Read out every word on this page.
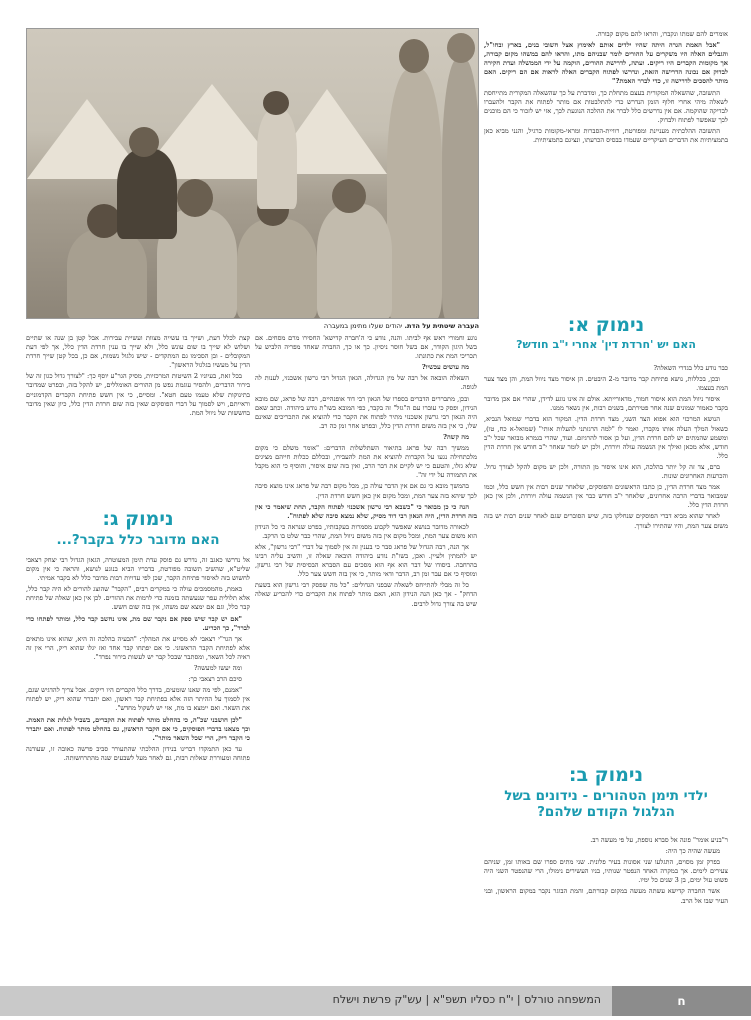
העברה שיטתית על הדת. יהודים שעלו מתימן במעברה

אומרים להם שמתו ונקברו, והראו להם מקום קבורה.

"אבל האמת הגרה היתה שהיו ילדים אותם לאימוץ אצל חשובי בנים, בארץ ובחו"ל, והגבלים האלה היו משקרים על ההורים לומר שבניהם מתו, והראו להם במשהו מקום קבורה, אך מקומות הקברים היו ריקים. ועתה, לדרישת ההורים, הוקמה על ידי הממשלה ועדת חקירה לבדוק אם נכונה הדרישה הזאת, ונדרשו לפתוח הקברים האלה לראות אם הם ריקים. האם מותר להסכים לדרישה זו, כדי לברר האמת?"

התשובה, שהשאלה המקורית בעצם מתחלת כך, ומדברת על כך שהשאלה המקורית מתייחסת לשאלה מיהי אחרי חלוף הזמן הנדרש כדי להתלבטות אם מותר לפתוח את הקבר ולהעברו לבדיקה שהוקמה. אם אין נדרשים כלל לברר את ההלכה הנוגעת לכך, אזי יש לזכור כי הם מוכנים לכך שאפשר לפתוח ולבדוק.

התשובה ההלכתית מעניינת ומפורטת, רוויית-הסברות ומראי-מקומות כרגיל, והנני מביא כאן בתמציתיות את הדברים העיקריים שעמדו בבסיס הכרעתו, ונציגם בתמציתיות.

נימוק א:
האם יש 'חרדת דין' אחרי י"ב חודש?

כבר נודע כלל בגדרי השאלה?

ובכן, בכללות, נושא פתיחת קבר מדובר מ-2 היבטים. הן איסור מצד ניוול המת, והן מצד צער המת בעצמו.

איסור ניוול המת הוא איסור חמור, מדאורייתא. אולם זה אינו נוגע לדידן, שהרי אם אכן מדובר בקבר כאמור שמונים שנה אחר פטירתם, בשנים רבות, אין נשאר ממנו.

הנושא המרכזי הוא אפוא הצד השני, מצד חרדת הדין. המקור הוא בדברי שמואל הנביא, כשאול המלך העלה אותו מקברו, ואמר לו "למה הרגזתני להעלות אותי" (שמואל-א כח, טו), ומשמע שהמתים יש להם חרדת הדין, ועל כן אסור להרגיזם. ועוד, שהרי בגמרא מבואר שכל י"ב חודש, אלא מכאן ואילך אין הנשמה עולה ויורדת, ולכן יש לומר שאחר י"ב חודש אין חרדת הדין כלל.

ברם, צד זה קל יותר בהלכה, הוא אינו איסור מן התורה, ולכן יש מקום להקל לצורך גדול. והכרעות האחרונים שונות.

אמר מצד חרדת הדין, כן כתבו הראשונים והפוסקים, שלאחר שנים רבות אין חשש כלל, וכמו שמבואר בדברי הרבה אחרונים, שלאחר י"ב חודש כבר אין הנשמה עולה ויורדת, ולכן אין כאן חרדת הדין כלל.

לאחר שהוא מביא דברי הפוסקים שנחלקו בזה, שיש הסוברים שגם לאחר שנים רבות יש בזה משום צער המת, והיו שהתירו לצורך.

נימוק ב:
ילדי תימן הטהורים - נידונים בשל הגלגול הקודם שלהם?

ר"בניע אומר" פונה אל סברא נוספת, על פי מעשה רב.

מעשה שהיה כך היה:

בפרק זמן מסוים, התגלעו שני אסונות בעיר פלונית. שני מתים ספרו שם באותו זמן, שניהם צעירים לימים. אך במקרה האחד הנפטר שנותיו, בניו העשירים נימולו, הרי שהנפטר השני היה פשוט עול ימים, בן 3 שנים כל ימיו.

אשר החברה קדישא עשתה מעשה במקום קבורתם, והמת הבוגר נקבר במקום הראשון, ובני העיר שבו אל הרב.

נוגע וחמורי ראש אף לביתו. והנה, נודע כי ה'חברה קדישא' החסירו מרם מסחים. אם בשל היגון הקודר, אם בשל חוסר ניסיון. כך או כך, החברה שאחד מפריה הלביש על תכריכי המת את כתונתו.

מה עושים עכשיו?

השאלה הובאה אל רבה של מין הגדולה, הגאון הגדול רבי גרשון אשכנזי, לענות לה לגופה.

ובכן, מתבררים הדברים בספרו של הגאון רבי דוד אופנהיים, רבה של פראג, שם מובא הנידון, ופסק כי עוברו עם ה"גזל" זה בקבר, כפי המובא בשו"ת נודע ביהודה. וכתב שאם היה הגאון רבי גרשון אשכנזי מתיר לפתוח את הקבר כדי להוציא את התכריכים שאינם שלו, כי אין בזה משום חרדת הדין כלל, ובפרט אחר זמן כה רב.

מה קשה?

ממשיך רבה של פראג בתיאור השתלשלות הדברים: "אומר משלם כי מקום מלכתחילה נגעו על הקברות להוציא את המת להעבירו, ובכללם ככלות חייהם מציגים שלא גזלו, והטעם כי יש לקיים את דבר הרב, ואין בזה שום איסור, והוסיף כי הוא מקבל את התמורה על ידי זה".

בהמשך מובא כי גם אם אין הדבר עולה כן, מכל מקום רבה של פראג אינו מוצא סיבה לכך שיהא בזה צער המת, ומכל מקום אין כאן חשש חרדת הדין.

הנה כי כן מבואר כי "כשבא רבי גרשון אשכנזי לפתוח הקבר, תחת שיאמר כי אין בזה חרדת הדין, היה הגאון רבי דוד מסיק, שלא נמצא סיבה שלא לפתוח".

לכאורה מדובר בנושא שאפשר לקבוע מסמרות בעקבותיו, בפרט שנראה כי כל הנידון הוא משום צער המת, ומכל מקום אין בזה משום ניוול המת, שהרי כבר שלט בו הרקב.

אך הנה, רבה הגדול של פראג סבר כי בענין זה אין לסמוך על דברי "רבי גרשון", אלא יש להמתין ולעיין. ואכן, בשו"ת נודע ביהודה הובאה שאלה זו, והשיב עליה רבינו בהרחבה. ביסודו של דבר הוא אף הוא מסכים עם הסברא הבסיסית של רבי גרשון, ומוסיף כי אם עבר זמן רב, הדבר ודאי מותר, כי אין בזה חשש צער כלל.

כל זה מבלי להתייחס לשאלה שבפני הגדולים: "כל מה שפסק רבי גרשון הוא בשעת הדחק" - אך כאן הנה הנידון הוא, האם מותר לפתוח את הקברים כדי להכריע שאלה שיש בה צורך גדול לרבים.

קצת לכלל דעת, ושייך בו עשייה מצוות ועשיית עבירות. אבל קטן בן שנה או שתיים ושלוש לא שייך בו שום עונש כלל, ולא שייך בו ענין חרדת הדין כלל, אך לפי דעת המקובלים - ובן הסכימו גם המתקדים - שיש גלגול נשמות, אם כן, בכל קטן שייך חרדת הדין על מעשיו בגלגול הראשון".

בכל זאת, בעיוניו 2 השיטות המרכזיות, מסיק הגר"ע יוסף כך: "לצורך גדול כגון זה של בירור הדברים, ולהסיר עוגמת נפש מן ההורים האומללים, יש להקל בזה, ובפרט שמדובר בתינוקות שלא טעמו טעם חטא". ומסיים, כי אין חשש פתיחת הקברים הקדמוניים וראייתם, ויש לסמוך על דברי הפוסקים שאין בזה שום חרדת הדין כלל, כיון שאין מדובר בחששות של ניוול המת.

נימוק ג:
האם מדובר כלל בקבר?...

אל נדרשו כאגב זה, נדרש גם פוסק עדת תימן המעוטרה, הגאון הגדול רבי יצחק רצאבי שליט"א, שהשיב תשובה מפורטת, בדבריו הביא בנוגע לנושא, והראה כי אין מקום לחשוש בזה לאיסור פתיחת הקבר, שכן לפי עדויות רבות מדובר כלל לא בקבר אמיתי.

באמת, מהמסמכים עולה כי במקרים רבים, "הקבר" שהוצג להורים לא היה קבר כלל, אלא תלולית עפר שנעשתה בזמנה כדי לרמות את ההורים. לכן אין כאן שאלה של פתיחת קבר כלל, וגם אם ימצא שם משהו, אין בזה שום חשש.

"אם יש קבר שיש ספק אם נקבר שם מת, אינו נחשב קבר כלל, ומותר לפתחו כדי לברר", כך הכריע.

אך הגר"י רצאבי לא מסייע את המהלך: "הבעיה בהלכה זה היא, שהוא אינו מתאים אלא לפתיחת הקבר הראשוני. כי אם יפתחו קבר אחד ואז יגלו שהוא ריק, הרי אין זה ראיה לכל השאר, ומסתבר שבכל קבר יש לעשות בירור נפרד".

ומה יעשו למעשה?

סיכם הרב רצאבי כך:

"אמנם, לפי מה שאנו שומעים, בדרך כלל הקברים היו ריקים. אבל צריך להדגיש שגם, אין לסמוך על ההיתר הזה אלא בפתיחת קבר ראשון, ואם יתברר שהוא ריק, יש לפתוח את השאר. ואם יימצא בו מת, אזי יש לשקול מחדש".

"לכן חושבני שכ"ה, כי בהחלט מותר לפתוח את הקברים, בשביל לגלות את האמת. וכך מצאנו בדברי הפוסקים, כי אם הקבר הראשון, גם בהחלט מותר לפתוח. ואם יתברר כי הקבר ריק, הרי שכל השאר מותר".

עד כאן התמקדו דברינו בנידון ההלכתי שהתעורר סביב פרשה כאובה זו, שעודנה פתוחה ומעוררת שאלות רבות, גם לאחר מעל לשבעים שנה מהתרחשותה.

המשפחה טורלס | י"ח כסליו תשפ"א | עש"ק פרשת וישלח	ח
